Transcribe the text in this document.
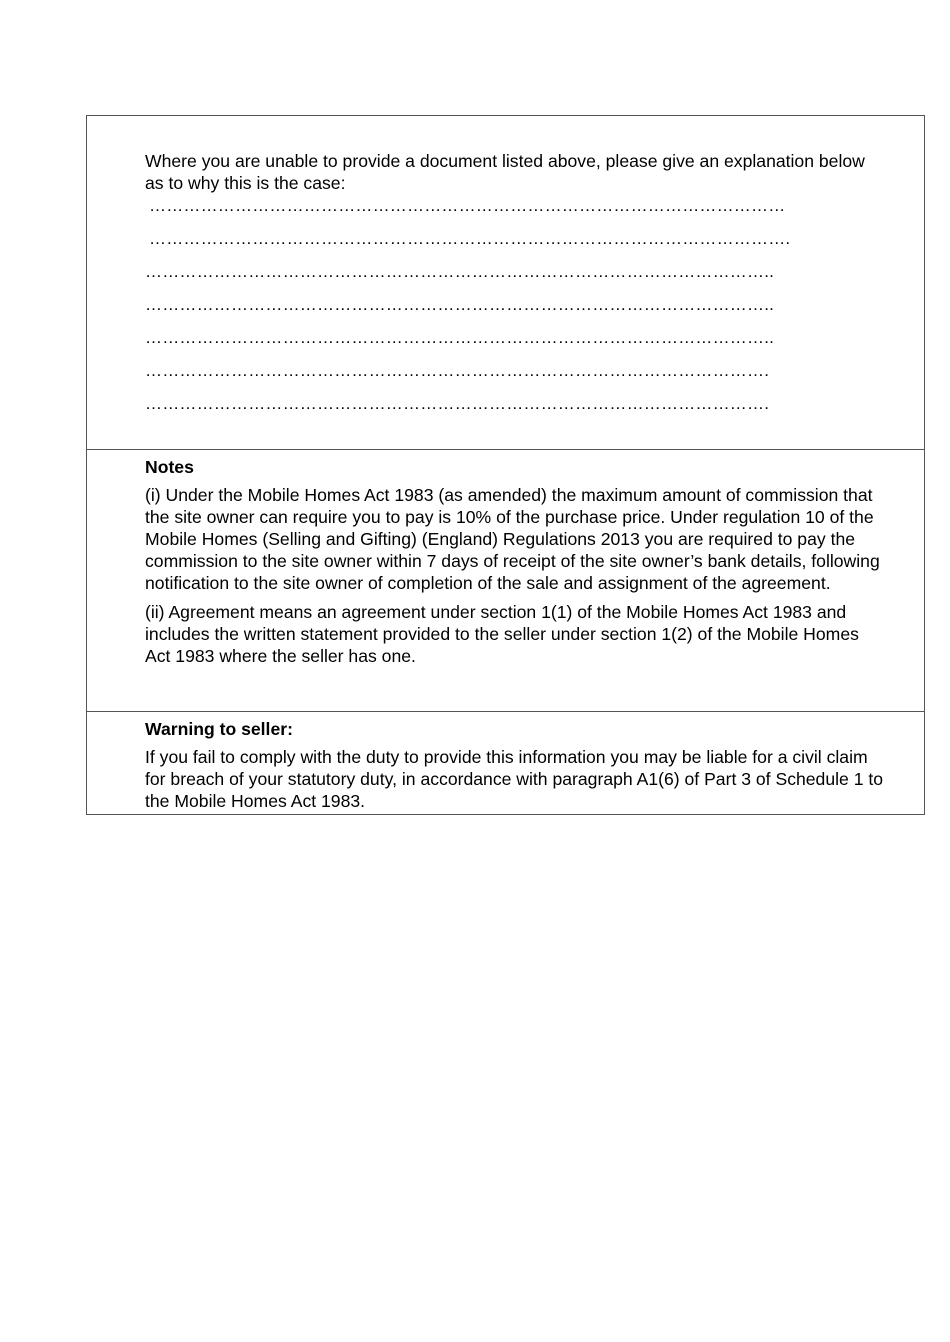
Where you are unable to provide a document listed above, please give an explanation below as to why this is the case:

…………………………………………………………………………………………………
………………………………………………………………………………………………….
………………………………………………………………………………………………..
………………………………………………………………………………………………..
………………………………………………………………………………………………..
……………………………………………………………………………………………….
……………………………………………………………………………………………….

Notes

(i) Under the Mobile Homes Act 1983 (as amended) the maximum amount of commission that the site owner can require you to pay is 10% of the purchase price. Under regulation 10 of the Mobile Homes (Selling and Gifting) (England) Regulations 2013 you are required to pay the commission to the site owner within 7 days of receipt of the site owner’s bank details, following notification to the site owner of completion of the sale and assignment of the agreement.

(ii) Agreement means an agreement under section 1(1) of the Mobile Homes Act 1983 and includes the written statement provided to the seller under section 1(2) of the Mobile Homes Act 1983 where the seller has one.

Warning to seller:

If you fail to comply with the duty to provide this information you may be liable for a civil claim for breach of your statutory duty, in accordance with paragraph A1(6) of Part 3 of Schedule 1 to the Mobile Homes Act 1983.
